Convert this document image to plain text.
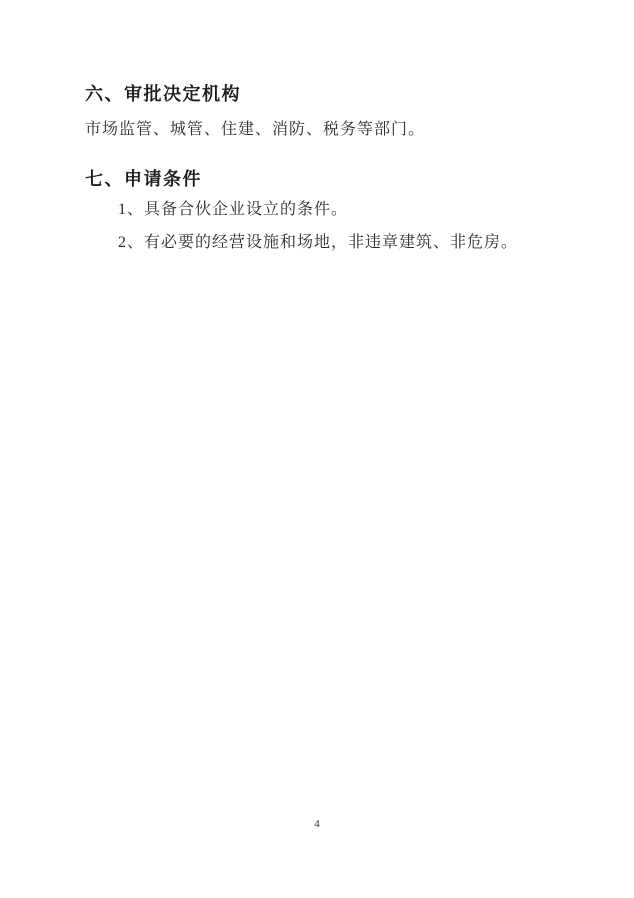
六、审批决定机构

市场监管、城管、住建、消防、税务等部门。

七、申请条件

1、具备合伙企业设立的条件。

2、有必要的经营设施和场地，非违章建筑、非危房。

4
